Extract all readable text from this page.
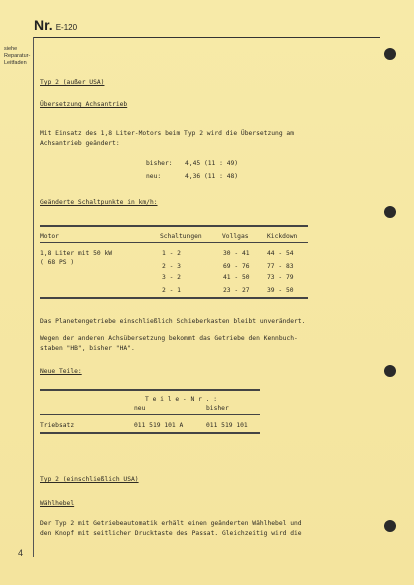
Nr. E-120
siehe
Reparatur-
Leitfaden
Typ 2 (außer USA)
Übersetzung Achsantrieb
Mit Einsatz des 1,8 Liter-Motors beim Typ 2 wird die Übersetzung am
Achsantrieb geändert:
bisher: 4,45 (11 : 49)
neu:	4,36 (11 : 48)
Geänderte Schaltpunkte in km/h:
Motor	Schaltungen	Vollgas	Kickdown
1,8 Liter mit 50 kW
( 68 PS )
1 - 2	30 - 41	44 - 54
2 - 3	69 - 76	77 - 83
3 - 2	41 - 50	73 - 79
2 - 1	23 - 27	39 - 50
Das Planetengetriebe einschließlich Schieberkasten bleibt unverändert.
Wegen der anderen Achsübersetzung bekommt das Getriebe den Kennbuch-
staben "HB", bisher "HA".
Neue Teile:
T e i l e - N r . :
neu	bisher
Triebsatz	011 519 101 A	011 519 101
Typ 2 (einschließlich USA)
Wählhebel
Der Typ 2 mit Getriebeautomatik erhält einen geänderten Wählhebel und
den Knopf mit seitlicher Drucktaste des Passat. Gleichzeitig wird die
4
